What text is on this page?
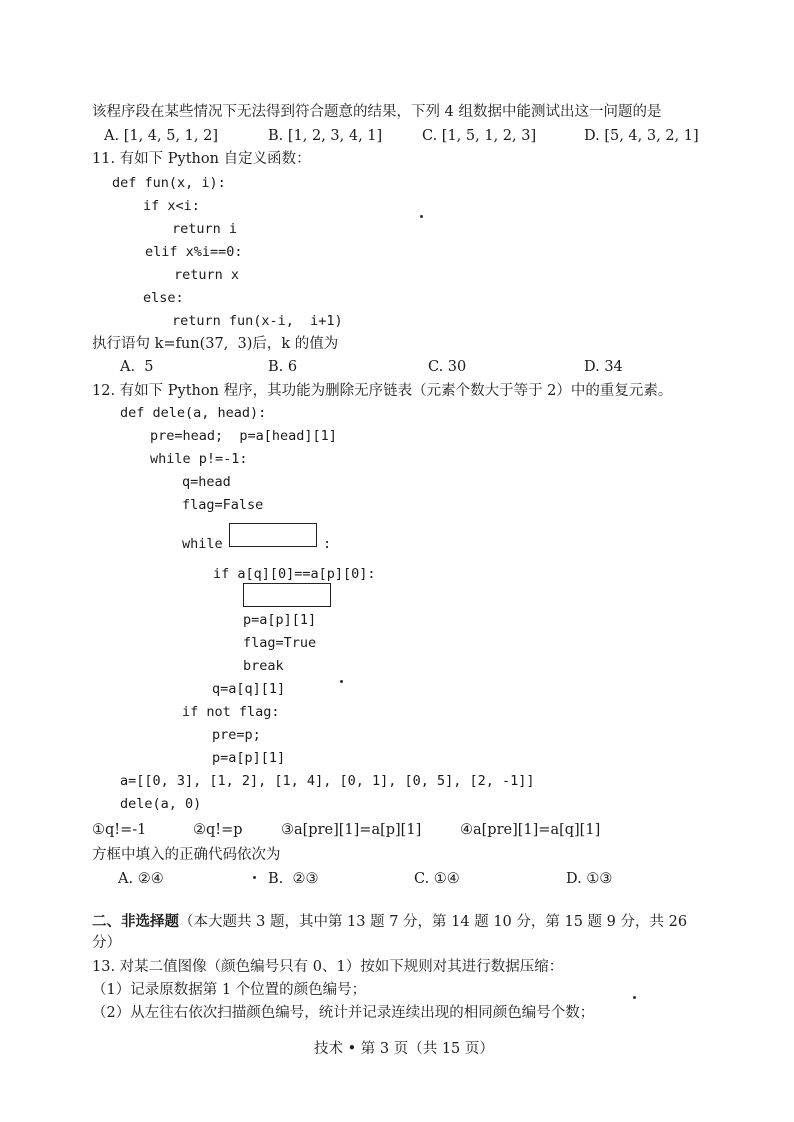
该程序段在某些情况下无法得到符合题意的结果，下列 4 组数据中能测试出这一问题的是
A. [1, 4, 5, 1, 2]	B. [1, 2, 3, 4, 1]	C. [1, 5, 1, 2, 3]	D. [5, 4, 3, 2, 1]
11. 有如下 Python 自定义函数：
def fun(x, i):
if x<i:
return i
elif x%i==0:
return x
else:
return fun(x-i,  i+1)
执行语句 k=fun(37,  3)后，k 的值为
A.  5	B. 6	C. 30	D. 34
12. 有如下 Python 程序，其功能为删除无序链表（元素个数大于等于 2）中的重复元素。
def dele(a, head):
pre=head;  p=a[head][1]
while p!=-1:
q=head
flag=False
while	:
if a[q][0]==a[p][0]:
p=a[p][1]
flag=True
break
q=a[q][1]
if not flag:
pre=p;
p=a[p][1]
a=[[0, 3], [1, 2], [1, 4], [0, 1], [0, 5], [2, -1]]
dele(a, 0)
①q!=-1	②q!=p	③a[pre][1]=a[p][1]	④a[pre][1]=a[q][1]
方框中填入的正确代码依次为
A. ②④	B.  ②③	C. ①④	D. ①③
二、非选择题（本大题共 3 题，其中第 13 题 7 分，第 14 题 10 分，第 15 题 9 分，共 26
分）
13. 对某二值图像（颜色编号只有 0、1）按如下规则对其进行数据压缩：
（1）记录原数据第 1 个位置的颜色编号；
（2）从左往右依次扫描颜色编号，统计并记录连续出现的相同颜色编号个数；
技术 • 第 3 页（共 15 页）
